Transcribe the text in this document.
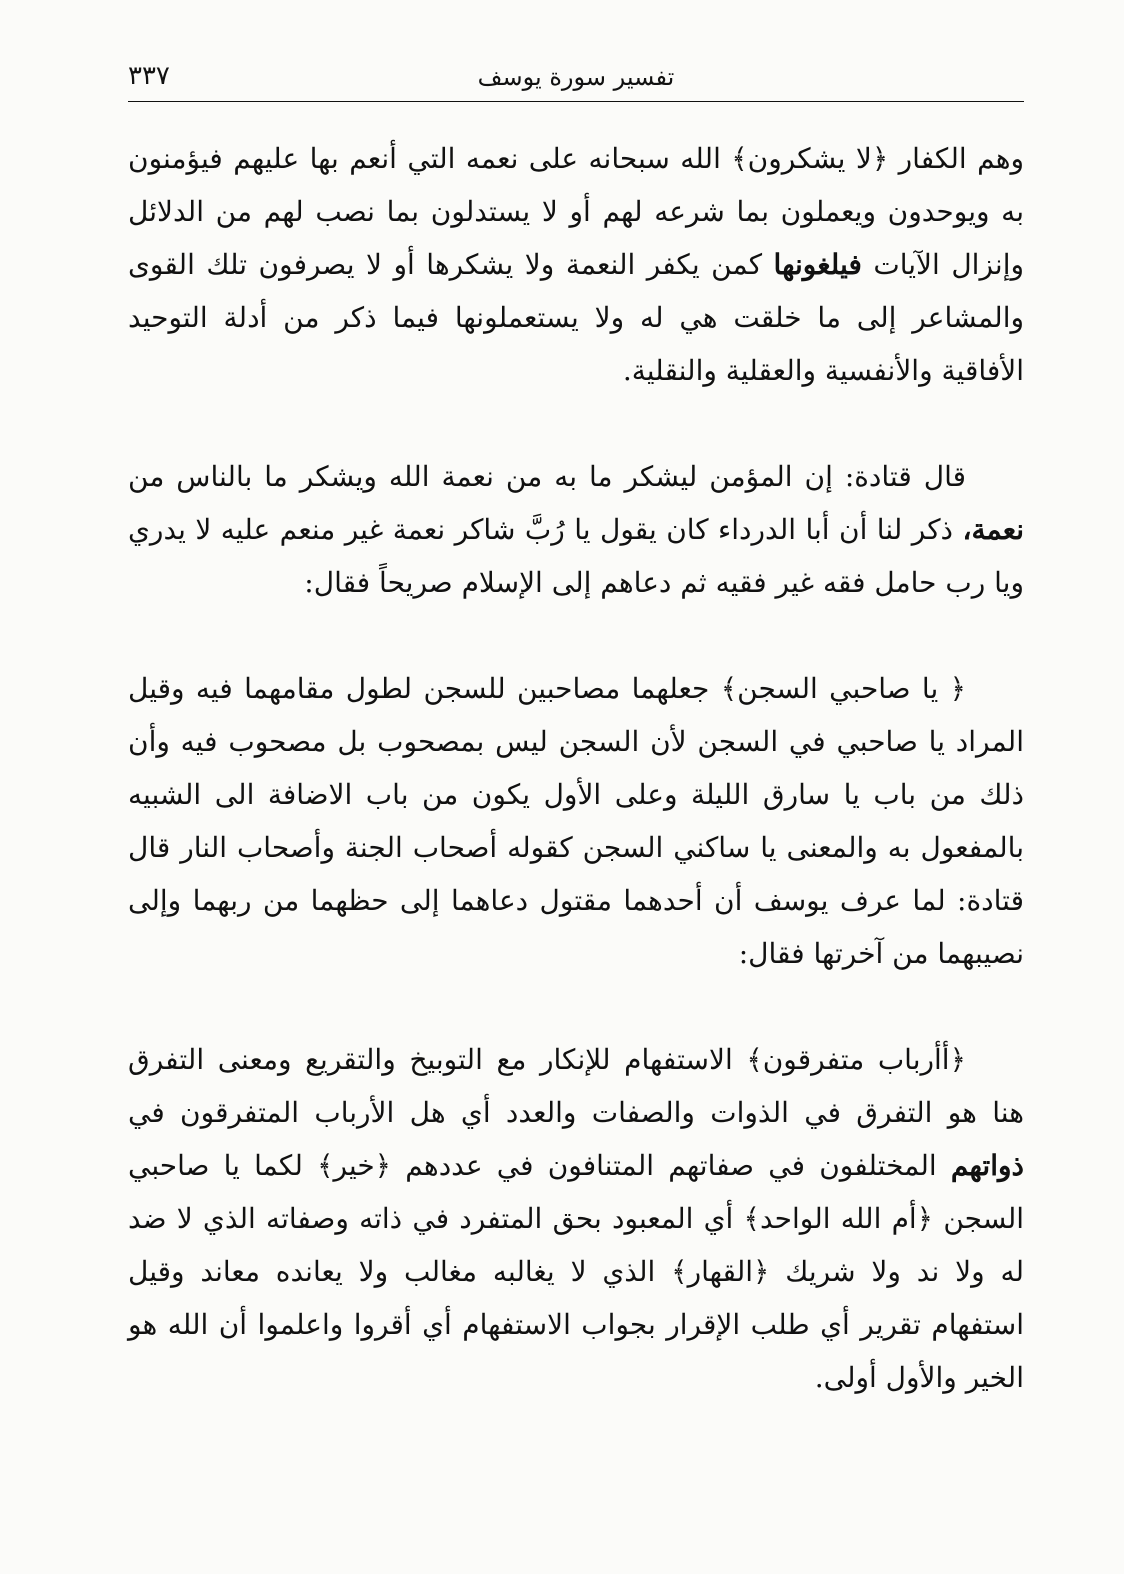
تفسير سورة يوسف
٣٣٧

وهم الكفار ﴿لا يشكرون﴾ الله سبحانه على نعمه التي أنعم بها عليهم فيؤمنون به ويوحدون ويعملون بما شرعه لهم أو لا يستدلون بما نصب لهم من الدلائل وإنزال الآيات فيلغونها كمن يكفر النعمة ولا يشكرها أو لا يصرفون تلك القوى والمشاعر إلى ما خلقت هي له ولا يستعملونها فيما ذكر من أدلة التوحيد الأفاقية والأنفسية والعقلية والنقلية.

قال قتادة: إن المؤمن ليشكر ما به من نعمة الله ويشكر ما بالناس من نعمة، ذكر لنا أن أبا الدرداء كان يقول يا رُبَّ شاكر نعمة غير منعم عليه لا يدري ويا رب حامل فقه غير فقيه ثم دعاهم إلى الإسلام صريحاً فقال:

﴿ يا صاحبي السجن﴾ جعلهما مصاحبين للسجن لطول مقامهما فيه وقيل المراد يا صاحبي في السجن لأن السجن ليس بمصحوب بل مصحوب فيه وأن ذلك من باب يا سارق الليلة وعلى الأول يكون من باب الاضافة الى الشبيه بالمفعول به والمعنى يا ساكني السجن كقوله أصحاب الجنة وأصحاب النار قال قتادة: لما عرف يوسف أن أحدهما مقتول دعاهما إلى حظهما من ربهما وإلى نصيبهما من آخرتها فقال:

﴿أأرباب متفرقون﴾ الاستفهام للإنكار مع التوبيخ والتقريع ومعنى التفرق هنا هو التفرق في الذوات والصفات والعدد أي هل الأرباب المتفرقون في ذواتهم المختلفون في صفاتهم المتنافون في عددهم ﴿خير﴾ لكما يا صاحبي السجن ﴿أم الله الواحد﴾ أي المعبود بحق المتفرد في ذاته وصفاته الذي لا ضد له ولا ند ولا شريك ﴿القهار﴾ الذي لا يغالبه مغالب ولا يعانده معاند وقيل استفهام تقرير أي طلب الإقرار بجواب الاستفهام أي أقروا واعلموا أن الله هو الخير والأول أولى.
